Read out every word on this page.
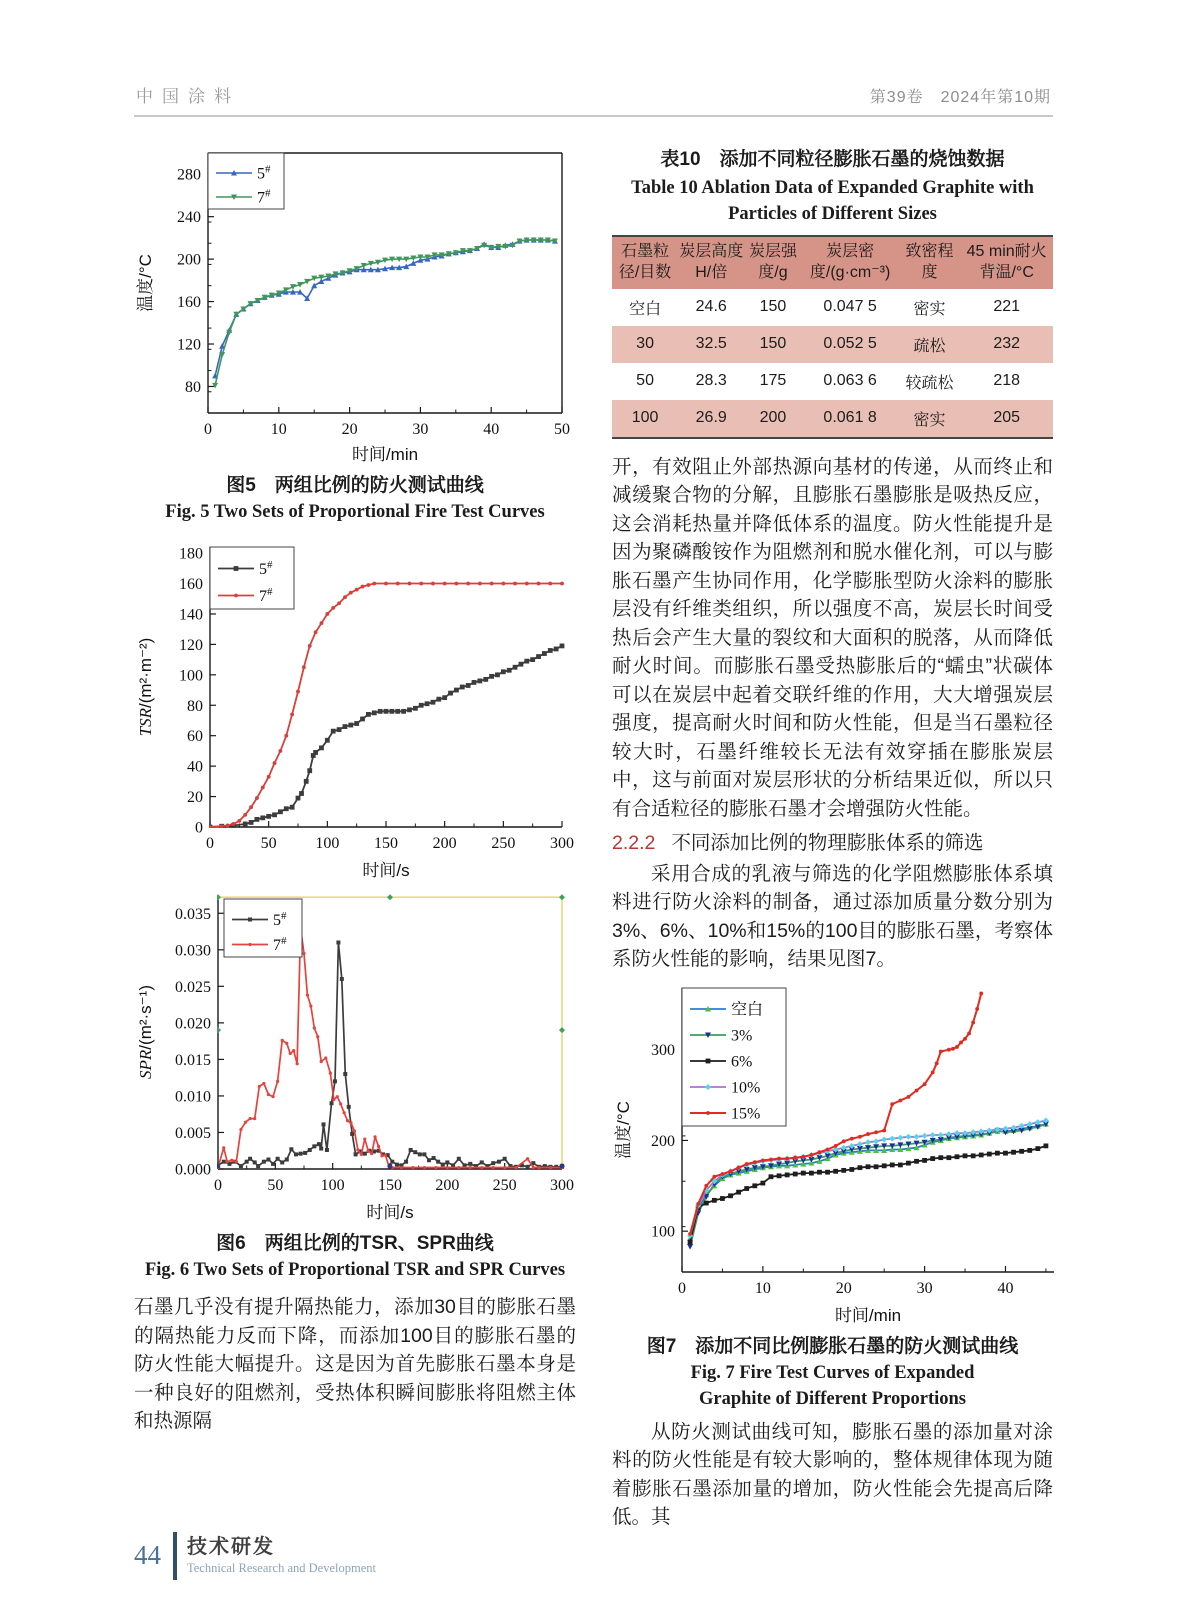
中国涂料	第39卷　2024年第10期
0	10	20	30	40	50
80
120
160
200
240
280
时间/min
温度/°C
5#
7#
图5　两组比例的防火测试曲线
Fig. 5 Two Sets of Proportional Fire Test Curves
0	50 100 150 200 250 300
0
20
40
60
80
100
120
140
160
180
时间/s
TSR/(m²·m⁻²)
5#
7#
0	50 100 150 200 250 300
0.000
0.005
0.010
0.015
0.020
0.025
0.030
0.035
时间/s
SPR/(m²·s⁻¹)
5#
7#
图6　两组比例的TSR、SPR曲线
Fig. 6 Two Sets of Proportional TSR and SPR Curves

石墨几乎没有提升隔热能力，添加30目的膨胀石墨的隔热能力反而下降，而添加100目的膨胀石墨的防火性能大幅提升。这是因为首先膨胀石墨本身是一种良好的阻燃剂，受热体积瞬间膨胀将阻燃主体和热源隔

表10　添加不同粒径膨胀石墨的烧蚀数据
Table 10 Ablation Data of Expanded Graphite with Particles of Different Sizes
石墨粒径/目数	炭层高度H/倍	炭层强度/g	炭层密度/(g·cm⁻³)	致密程度	45 min耐火背温/°C
空白	24.6	150	0.047 5	密实	221
30	32.5	150	0.052 5	疏松	232
50	28.3	175	0.063 6	较疏松	218
100	26.9	200	0.061 8	密实	205

开，有效阻止外部热源向基材的传递，从而终止和减缓聚合物的分解，且膨胀石墨膨胀是吸热反应，这会消耗热量并降低体系的温度。防火性能提升是因为聚磷酸铵作为阻燃剂和脱水催化剂，可以与膨胀石墨产生协同作用，化学膨胀型防火涂料的膨胀层没有纤维类组织，所以强度不高，炭层长时间受热后会产生大量的裂纹和大面积的脱落，从而降低耐火时间。而膨胀石墨受热膨胀后的“蠕虫”状碳体可以在炭层中起着交联纤维的作用，大大增强炭层强度，提高耐火时间和防火性能，但是当石墨粒径较大时，石墨纤维较长无法有效穿插在膨胀炭层中，这与前面对炭层形状的分析结果近似，所以只有合适粒径的膨胀石墨才会增强防火性能。

2.2.2 不同添加比例的物理膨胀体系的筛选

采用合成的乳液与筛选的化学阻燃膨胀体系填料进行防火涂料的制备，通过添加质量分数分别为3%、6%、10%和15%的100目的膨胀石墨，考察体系防火性能的影响，结果见图7。

0	10	20	30	40
100
200
300
时间/min
温度/°C
空白
3%
6%
10%
15%
图7　添加不同比例膨胀石墨的防火测试曲线
Fig. 7 Fire Test Curves of Expanded Graphite of Different Proportions

从防火测试曲线可知，膨胀石墨的添加量对涂料的防火性能是有较大影响的，整体规律体现为随着膨胀石墨添加量的增加，防火性能会先提高后降低。其

44 技术研发
Technical Research and Development
